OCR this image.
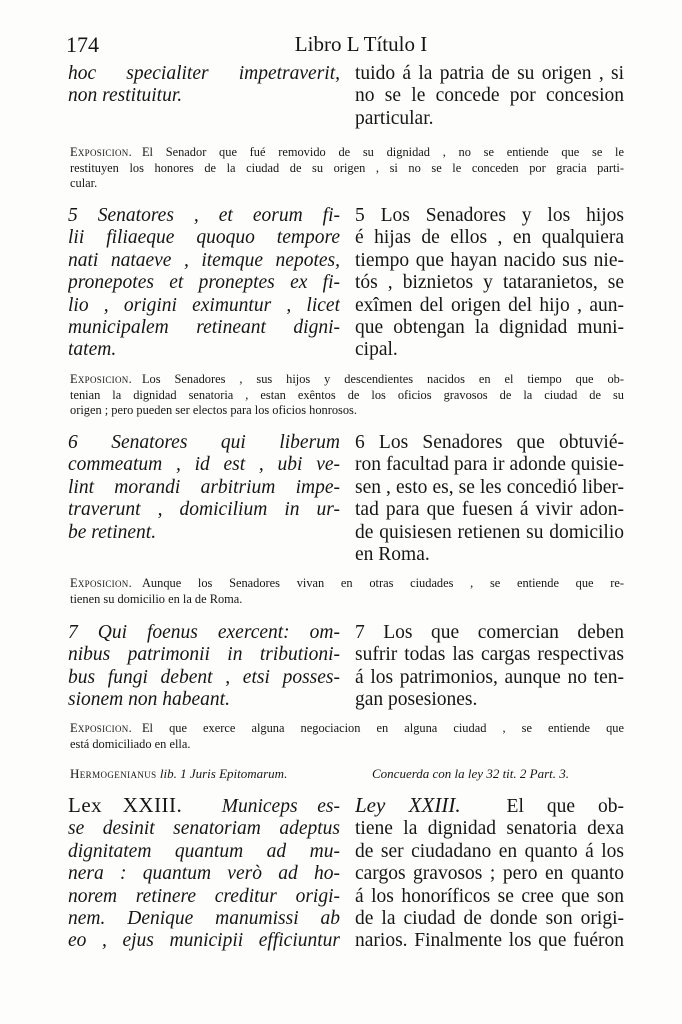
174	Libro L Título I
hoc specialiter impetraverit,
non restituitur.
tuido á la patria de su origen , si
no se le concede por concesion
particular.
Exposicion. El Senador que fué removido de su dignidad , no se entiende que se le
restituyen los honores de la ciudad de su origen , si no se le conceden por gracia parti-
cular.
5 Senatores , et eorum fi-
lii filiaeque quoquo tempore
nati nataeve , itemque nepotes,
pronepotes et proneptes ex fi-
lio , origini eximuntur , licet
municipalem retineant digni-
tatem.
5 Los Senadores y los hijos
é hijas de ellos , en qualquiera
tiempo que hayan nacido sus nie-
tós , biznietos y tataranietos, se
exîmen del origen del hijo , aun-
que obtengan la dignidad muni-
cipal.
Exposicion. Los Senadores , sus hijos y descendientes nacidos en el tiempo que ob-
tenian la dignidad senatoria , estan exêntos de los oficios gravosos de la ciudad de su
origen ; pero pueden ser electos para los oficios honrosos.
6 Senatores qui liberum
commeatum , id est , ubi ve-
lint morandi arbitrium impe-
traverunt , domicilium in ur-
be retinent.
6 Los Senadores que obtuvié-
ron facultad para ir adonde quisie-
sen , esto es, se les concedió liber-
tad para que fuesen á vivir adon-
de quisiesen retienen su domicilio
en Roma.
Exposicion. Aunque los Senadores vivan en otras ciudades , se entiende que re-
tienen su domicilio en la de Roma.
7 Qui foenus exercent: om-
nibus patrimonii in tributioni-
bus fungi debent , etsi posses-
sionem non habeant.
7 Los que comercian deben
sufrir todas las cargas respectivas
á los patrimonios, aunque no ten-
gan posesiones.
Exposicion. El que exerce alguna negociacion en alguna ciudad , se entiende que
está domiciliado en ella.
Hermogenianus lib. 1 Juris Epitomarum.	Concuerda con la ley 32 tit. 2 Part. 3.
Lex XXIII. Municeps es-
se desinit senatoriam adeptus
dignitatem quantum ad mu-
nera : quantum verò ad ho-
norem retinere creditur origi-
nem. Denique manumissi ab
eo , ejus municipii efficiuntur
Ley XXIII. El que ob-
tiene la dignidad senatoria dexa
de ser ciudadano en quanto á los
cargos gravosos ; pero en quanto
á los honoríficos se cree que son
de la ciudad de donde son origi-
narios. Finalmente los que fuéron
